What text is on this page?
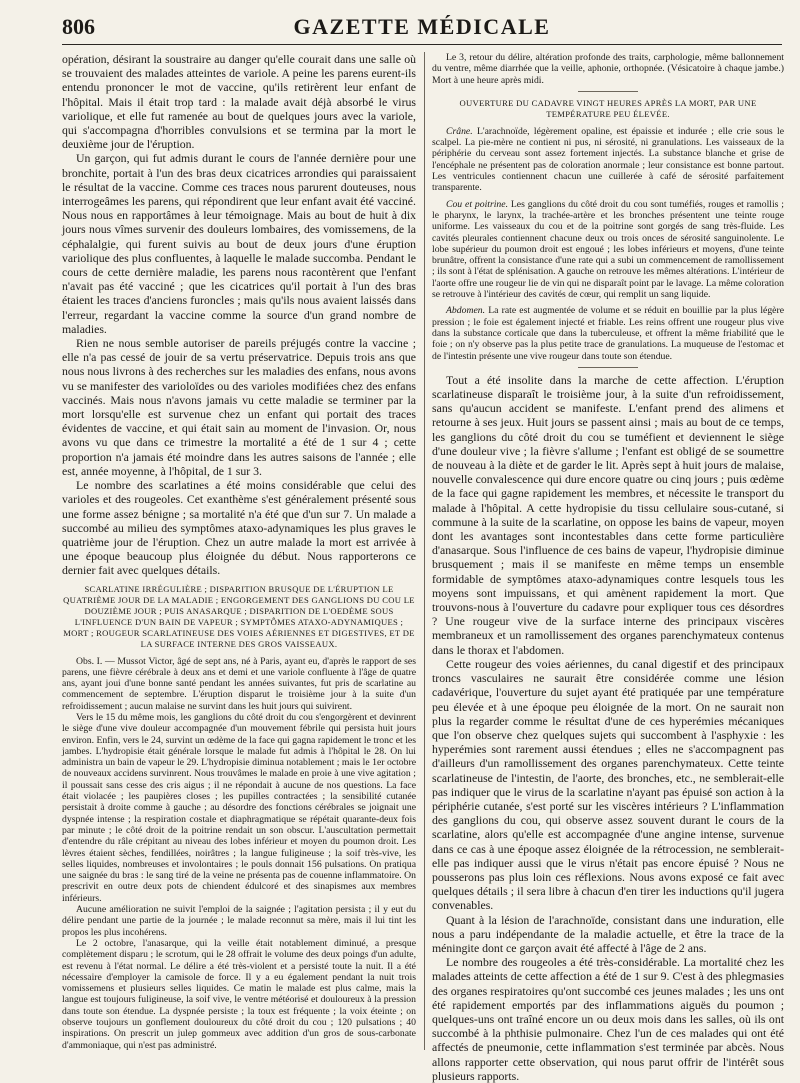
806	GAZETTE MÉDICALE

opération, désirant la soustraire au danger qu'elle courait dans une salle où se trouvaient des malades atteintes de variole. A peine les parens eurent-ils entendu prononcer le mot de vaccine, qu'ils retirèrent leur enfant de l'hôpital. Mais il était trop tard : la malade avait déjà absorbé le virus variolique, et elle fut ramenée au bout de quelques jours avec la variole, qui s'accompagna d'horribles convulsions et se termina par la mort le deuxième jour de l'éruption.

Un garçon, qui fut admis durant le cours de l'année dernière pour une bronchite, portait à l'un des bras deux cicatrices arrondies qui paraissaient le résultat de la vaccine. Comme ces traces nous parurent douteuses, nous interrogeâmes les parens, qui répondirent que leur enfant avait été vacciné. Nous nous en rapportâmes à leur témoignage. Mais au bout de huit à dix jours nous vîmes survenir des douleurs lombaires, des vomissemens, de la céphalalgie, qui furent suivis au bout de deux jours d'une éruption variolique des plus confluentes, à laquelle le malade succomba. Pendant le cours de cette dernière maladie, les parens nous racontèrent que l'enfant n'avait pas été vacciné ; que les cicatrices qu'il portait à l'un des bras étaient les traces d'anciens furoncles ; mais qu'ils nous avaient laissés dans l'erreur, regardant la vaccine comme la source d'un grand nombre de maladies.

Rien ne nous semble autoriser de pareils préjugés contre la vaccine ; elle n'a pas cessé de jouir de sa vertu préservatrice. Depuis trois ans que nous nous livrons à des recherches sur les maladies des enfans, nous avons vu se manifester des varioloïdes ou des varioles modifiées chez des enfans vaccinés. Mais nous n'avons jamais vu cette maladie se terminer par la mort lorsqu'elle est survenue chez un enfant qui portait des traces évidentes de vaccine, et qui était sain au moment de l'invasion. Or, nous avons vu que dans ce trimestre la mortalité a été de 1 sur 4 ; cette proportion n'a jamais été moindre dans les autres saisons de l'année ; elle est, année moyenne, à l'hôpital, de 1 sur 3.

Le nombre des scarlatines a été moins considérable que celui des varioles et des rougeoles. Cet exanthème s'est généralement présenté sous une forme assez bénigne ; sa mortalité n'a été que d'un sur 7. Un malade a succombé au milieu des symptômes ataxo-adynamiques les plus graves le quatrième jour de l'éruption. Chez un autre malade la mort est arrivée à une époque beaucoup plus éloignée du début. Nous rapporterons ce dernier fait avec quelques détails.

SCARLATINE IRRÉGULIÈRE ; DISPARITION BRUSQUE DE L'ÉRUPTION LE QUATRIÈME JOUR DE LA MALADIE ; ENGORGEMENT DES GANGLIONS DU COU LE DOUZIÈME JOUR ; PUIS ANASARQUE ; DISPARITION DE L'OEDÈME SOUS L'INFLUENCE D'UN BAIN DE VAPEUR ; SYMPTÔMES ATAXO-ADYNAMIQUES ; MORT ; ROUGEUR SCARLATINEUSE DES VOIES AÉRIENNES ET DIGESTIVES, ET DE LA SURFACE INTERNE DES GROS VAISSEAUX.

Obs. I. — Mussot Victor, âgé de sept ans, né à Paris, ayant eu, d'après le rapport de ses parens, une fièvre cérébrale à deux ans et demi et une variole confluente à l'âge de quatre ans, ayant joui d'une bonne santé pendant les années suivantes, fut pris de scarlatine au commencement de septembre. L'éruption disparut le troisième jour à la suite d'un refroidissement ; aucun malaise ne survint dans les huit jours qui suivirent.

Vers le 15 du même mois, les ganglions du côté droit du cou s'engorgèrent et devinrent le siège d'une vive douleur accompagnée d'un mouvement fébrile qui persista huit jours environ. Enfin, vers le 24, survint un œdème de la face qui gagna rapidement le tronc et les jambes. L'hydropisie était générale lorsque le malade fut admis à l'hôpital le 28. On lui administra un bain de vapeur le 29. L'hydropisie diminua notablement ; mais le 1er octobre de nouveaux accidens survinrent. Nous trouvâmes le malade en proie à une vive agitation ; il poussait sans cesse des cris aigus ; il ne répondait à aucune de nos questions. La face était violacée ; les paupières closes ; les pupilles contractées ; la sensibilité cutanée persistait à droite comme à gauche ; au désordre des fonctions cérébrales se joignait une dyspnée intense ; la respiration costale et diaphragmatique se répétait quarante-deux fois par minute ; le côté droit de la poitrine rendait un son obscur. L'auscultation permettait d'entendre du râle crépitant au niveau des lobes inférieur et moyen du poumon droit. Les lèvres étaient sèches, fendillées, noirâtres ; la langue fuligineuse ; la soif très-vive, les selles liquides, nombreuses et involontaires ; le pouls donnait 156 pulsations. On pratiqua une saignée du bras : le sang tiré de la veine ne présenta pas de couenne inflammatoire. On prescrivit en outre deux pots de chiendent édulcoré et des sinapismes aux membres inférieurs.

Aucune amélioration ne suivit l'emploi de la saignée ; l'agitation persista ; il y eut du délire pendant une partie de la journée ; le malade reconnut sa mère, mais il lui tint les propos les plus incohérens.

Le 2 octobre, l'anasarque, qui la veille était notablement diminué, a presque complètement disparu ; le scrotum, qui le 28 offrait le volume des deux poings d'un adulte, est revenu à l'état normal. Le délire a été très-violent et a persisté toute la nuit. Il a été nécessaire d'employer la camisole de force. Il y a eu également pendant la nuit trois vomissemens et plusieurs selles liquides. Ce matin le malade est plus calme, mais la langue est toujours fuligineuse, la soif vive, le ventre météorisé et douloureux à la pression dans toute son étendue. La dyspnée persiste ; la toux est fréquente ; la voix éteinte ; on observe toujours un gonflement douloureux du côté droit du cou ; 120 pulsations ; 40 inspirations. On prescrit un julep gommeux avec addition d'un gros de sous-carbonate d'ammoniaque, qui n'est pas administré.

Le 3, retour du délire, altération profonde des traits, carphologie, même ballonnement du ventre, même diarrhée que la veille, aphonie, orthopnée. (Vésicatoire à chaque jambe.) Mort à une heure après midi.

OUVERTURE DU CADAVRE VINGT HEURES APRÈS LA MORT, PAR UNE TEMPÉRATURE PEU ÉLEVÉE.

Crâne. L'arachnoïde, légèrement opaline, est épaissie et indurée ; elle crie sous le scalpel. La pie-mère ne contient ni pus, ni sérosité, ni granulations. Les vaisseaux de la périphérie du cerveau sont assez fortement injectés. La substance blanche et grise de l'encéphale ne présentent pas de coloration anormale ; leur consistance est bonne partout. Les ventricules contiennent chacun une cuillerée à café de sérosité parfaitement transparente.

Cou et poitrine. Les ganglions du côté droit du cou sont tuméfiés, rouges et ramollis ; le pharynx, le larynx, la trachée-artère et les bronches présentent une teinte rouge uniforme. Les vaisseaux du cou et de la poitrine sont gorgés de sang très-fluide. Les cavités pleurales contiennent chacune deux ou trois onces de sérosité sanguinolente. Le lobe supérieur du poumon droit est engoué ; les lobes inférieurs et moyens, d'une teinte brunâtre, offrent la consistance d'une rate qui a subi un commencement de ramollissement ; ils sont à l'état de splénisation. A gauche on retrouve les mêmes altérations. L'intérieur de l'aorte offre une rougeur lie de vin qui ne disparaît point par le lavage. La même coloration se retrouve à l'intérieur des cavités de cœur, qui remplit un sang liquide.

Abdomen. La rate est augmentée de volume et se réduit en bouillie par la plus légère pression ; le foie est également injecté et friable. Les reins offrent une rougeur plus vive dans la substance corticale que dans la tuberculeuse, et offrent la même friabilité que le foie ; on n'y observe pas la plus petite trace de granulations. La muqueuse de l'estomac et de l'intestin présente une vive rougeur dans toute son étendue.

Tout a été insolite dans la marche de cette affection. L'éruption scarlatineuse disparaît le troisième jour, à la suite d'un refroidissement, sans qu'aucun accident se manifeste. L'enfant prend des alimens et retourne à ses jeux. Huit jours se passent ainsi ; mais au bout de ce temps, les ganglions du côté droit du cou se tuméfient et deviennent le siège d'une douleur vive ; la fièvre s'allume ; l'enfant est obligé de se soumettre de nouveau à la diète et de garder le lit. Après sept à huit jours de malaise, nouvelle convalescence qui dure encore quatre ou cinq jours ; puis œdème de la face qui gagne rapidement les membres, et nécessite le transport du malade à l'hôpital. A cette hydropisie du tissu cellulaire sous-cutané, si commune à la suite de la scarlatine, on oppose les bains de vapeur, moyen dont les avantages sont incontestables dans cette forme particulière d'anasarque. Sous l'influence de ces bains de vapeur, l'hydropisie diminue brusquement ; mais il se manifeste en même temps un ensemble formidable de symptômes ataxo-adynamiques contre lesquels tous les moyens sont impuissans, et qui amènent rapidement la mort. Que trouvons-nous à l'ouverture du cadavre pour expliquer tous ces désordres ? Une rougeur vive de la surface interne des principaux viscères membraneux et un ramollissement des organes parenchymateux contenus dans le thorax et l'abdomen.

Cette rougeur des voies aériennes, du canal digestif et des principaux troncs vasculaires ne saurait être considérée comme une lésion cadavérique, l'ouverture du sujet ayant été pratiquée par une température peu élevée et à une époque peu éloignée de la mort. On ne saurait non plus la regarder comme le résultat d'une de ces hyperémies mécaniques que l'on observe chez quelques sujets qui succombent à l'asphyxie : les hyperémies sont rarement aussi étendues ; elles ne s'accompagnent pas d'ailleurs d'un ramollissement des organes parenchymateux. Cette teinte scarlatineuse de l'intestin, de l'aorte, des bronches, etc., ne semblerait-elle pas indiquer que le virus de la scarlatine n'ayant pas épuisé son action à la périphérie cutanée, s'est porté sur les viscères intérieurs ? L'inflammation des ganglions du cou, qui observe assez souvent durant le cours de la scarlatine, alors qu'elle est accompagnée d'une angine intense, survenue dans ce cas à une époque assez éloignée de la rétrocession, ne semblerait-elle pas indiquer aussi que le virus n'était pas encore épuisé ? Nous ne pousserons pas plus loin ces réflexions. Nous avons exposé ce fait avec quelques détails ; il sera libre à chacun d'en tirer les inductions qu'il jugera convenables.

Quant à la lésion de l'arachnoïde, consistant dans une induration, elle nous a paru indépendante de la maladie actuelle, et être la trace de la méningite dont ce garçon avait été affecté à l'âge de 2 ans.

Le nombre des rougeoles a été très-considérable. La mortalité chez les malades atteints de cette affection a été de 1 sur 9. C'est à des phlegmasies des organes respiratoires qu'ont succombé ces jeunes malades ; les uns ont été rapidement emportés par des inflammations aiguës du poumon ; quelques-uns ont traîné encore un ou deux mois dans les salles, où ils ont succombé à la phthisie pulmonaire. Chez l'un de ces malades qui ont été affectés de pneumonie, cette inflammation s'est terminée par abcès. Nous allons rapporter cette observation, qui nous parut offrir de l'intérêt sous plusieurs rapports.
